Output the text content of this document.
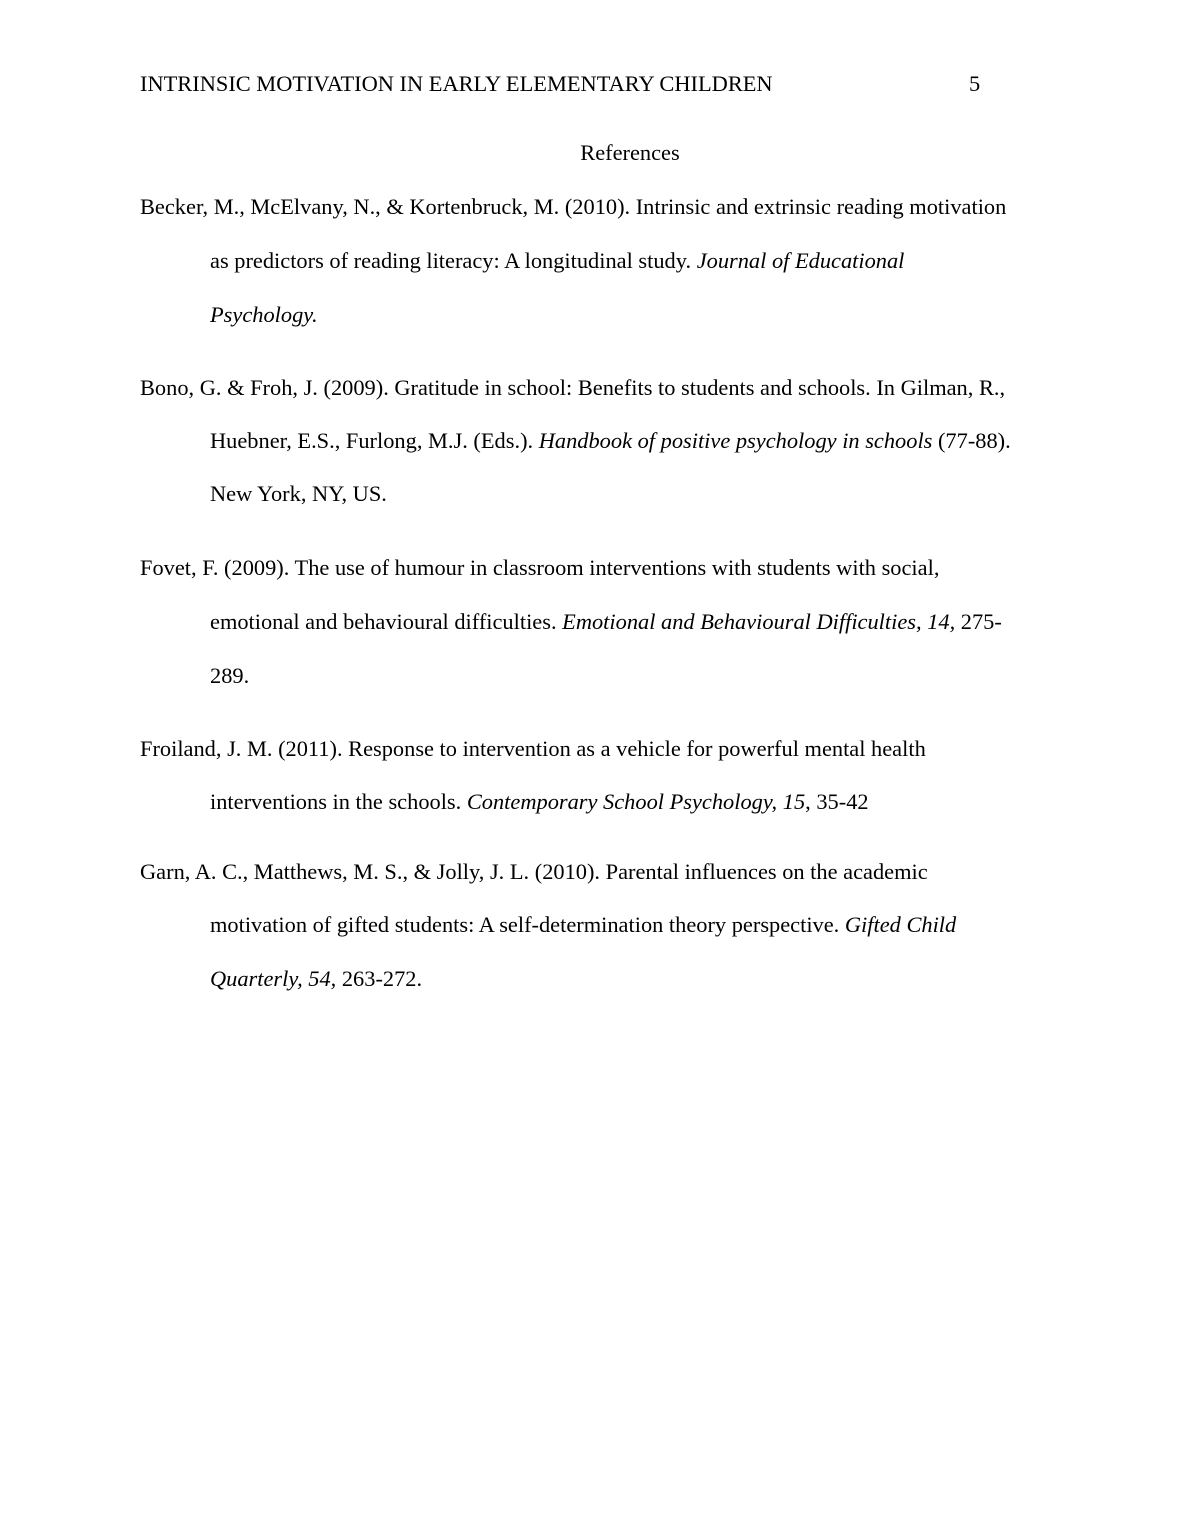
INTRINSIC MOTIVATION IN EARLY ELEMENTARY CHILDREN	5
References
Becker, M., McElvany, N., & Kortenbruck, M. (2010). Intrinsic and extrinsic reading motivation
as predictors of reading literacy: A longitudinal study. Journal of Educational
Psychology.
Bono, G. & Froh, J. (2009). Gratitude in school: Benefits to students and schools. In Gilman, R.,
Huebner, E.S., Furlong, M.J. (Eds.). Handbook of positive psychology in schools (77-88).
New York, NY, US.
Fovet, F. (2009). The use of humour in classroom interventions with students with social,
emotional and behavioural difficulties. Emotional and Behavioural Difficulties, 14, 275-
289.
Froiland, J. M. (2011). Response to intervention as a vehicle for powerful mental health
interventions in the schools. Contemporary School Psychology, 15, 35-42
Garn, A. C., Matthews, M. S., & Jolly, J. L. (2010). Parental influences on the academic
motivation of gifted students: A self-determination theory perspective. Gifted Child
Quarterly, 54, 263-272.
